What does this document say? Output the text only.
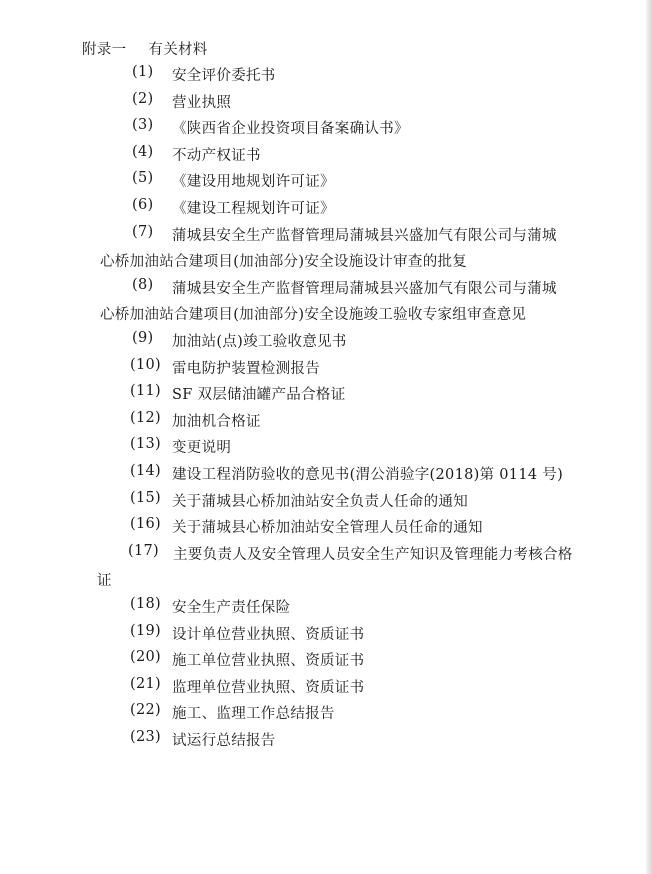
附录一 有关材料
(1) 安全评价委托书
(2) 营业执照
(3) 《陕西省企业投资项目备案确认书》
(4) 不动产权证书
(5) 《建设用地规划许可证》
(6) 《建设工程规划许可证》
(7) 蒲城县安全生产监督管理局蒲城县兴盛加气有限公司与蒲城
心桥加油站合建项目(加油部分)安全设施设计审查的批复
(8) 蒲城县安全生产监督管理局蒲城县兴盛加气有限公司与蒲城
心桥加油站合建项目(加油部分)安全设施竣工验收专家组审查意见
(9) 加油站(点)竣工验收意见书
(10) 雷电防护装置检测报告
(11) SF 双层储油罐产品合格证
(12) 加油机合格证
(13) 变更说明
(14) 建设工程消防验收的意见书(渭公消验字(2018)第 0114 号)
(15) 关于蒲城县心桥加油站安全负责人任命的通知
(16) 关于蒲城县心桥加油站安全管理人员任命的通知
(17) 主要负责人及安全管理人员安全生产知识及管理能力考核合格
证
(18) 安全生产责任保险
(19) 设计单位营业执照、资质证书
(20) 施工单位营业执照、资质证书
(21) 监理单位营业执照、资质证书
(22) 施工、监理工作总结报告
(23) 试运行总结报告
